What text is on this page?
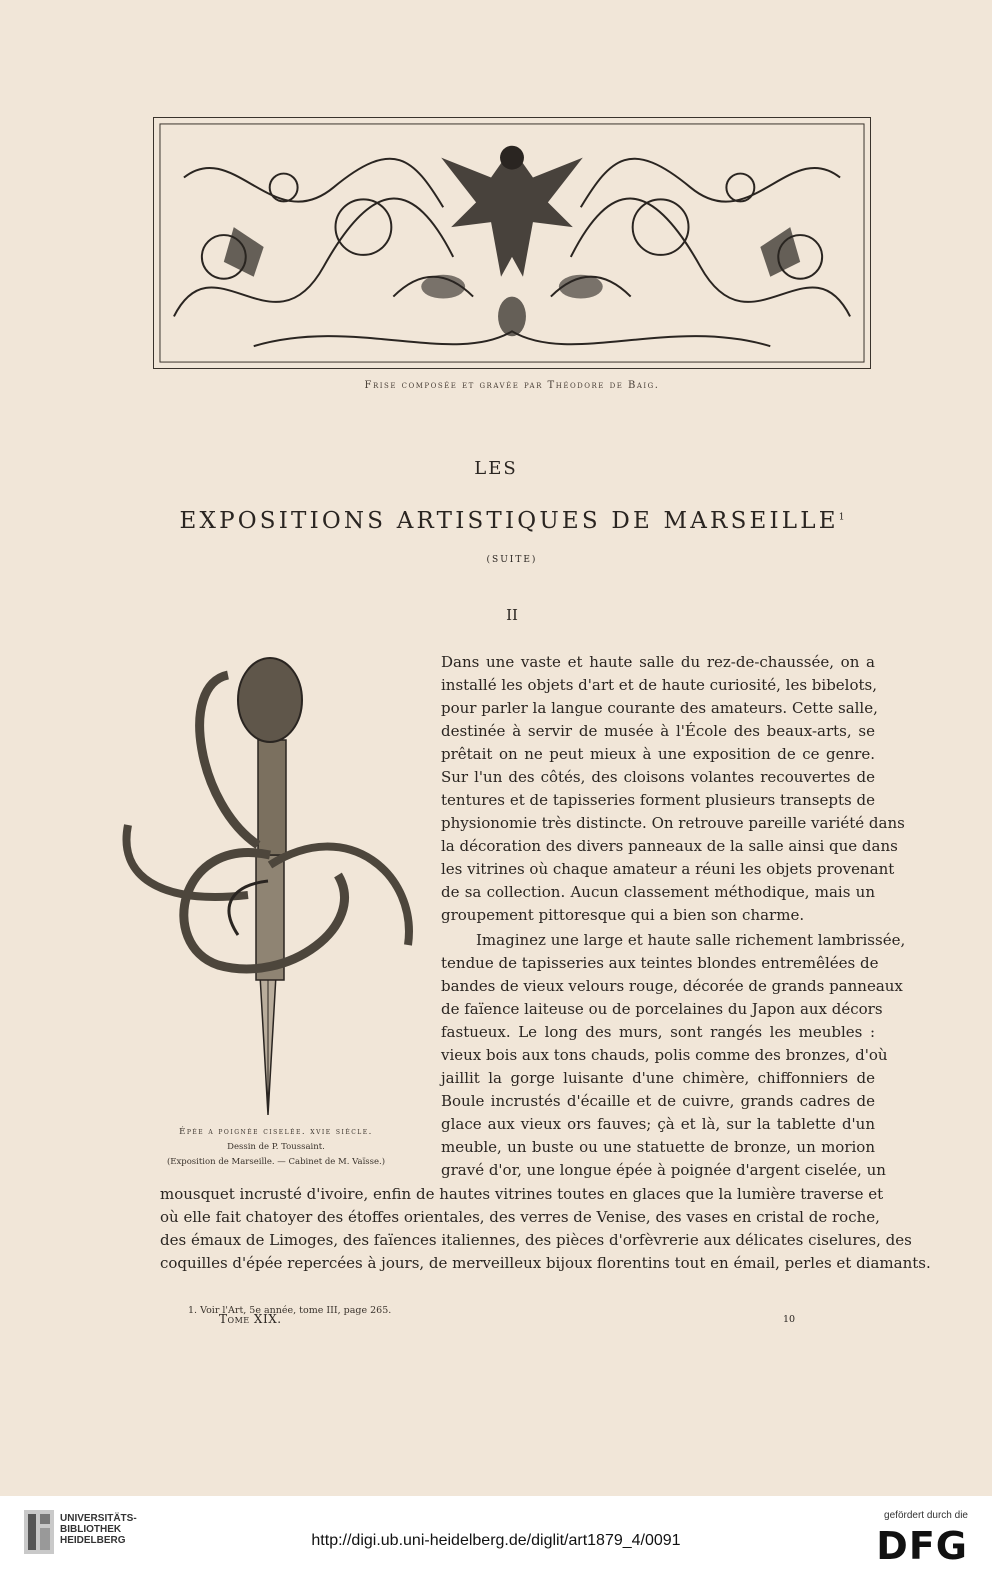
Frise composée et gravée par Théodore de Baig.
LES
EXPOSITIONS ARTISTIQUES DE MARSEILLE$^1$
(SUITE)
II
Épée a poignée ciselée. xvie siècle.
Dessin de P. Toussaint.
(Exposition de Marseille. — Cabinet de M. Vaïsse.)
Dans une vaste et haute salle du rez-de-chaussée, on a
installé les objets d'art et de haute curiosité, les bibelots,
pour parler la langue courante des amateurs. Cette salle,
destinée à servir de musée à l'École des beaux-arts, se
prêtait on ne peut mieux à une exposition de ce genre.
Sur l'un des côtés, des cloisons volantes recouvertes de
tentures et de tapisseries forment plusieurs transepts de
physionomie très distincte. On retrouve pareille variété dans
la décoration des divers panneaux de la salle ainsi que dans
les vitrines où chaque amateur a réuni les objets provenant
de sa collection. Aucun classement méthodique, mais un
groupement pittoresque qui a bien son charme.
Imaginez une large et haute salle richement lambrissée,
tendue de tapisseries aux teintes blondes entremêlées de
bandes de vieux velours rouge, décorée de grands panneaux
de faïence laiteuse ou de porcelaines du Japon aux décors
fastueux. Le long des murs, sont rangés les meubles :
vieux bois aux tons chauds, polis comme des bronzes, d'où
jaillit la gorge luisante d'une chimère, chiffonniers de
Boule incrustés d'écaille et de cuivre, grands cadres de
glace aux vieux ors fauves; çà et là, sur la tablette d'un
meuble, un buste ou une statuette de bronze, un morion
gravé d'or, une longue épée à poignée d'argent ciselée, un
mousquet incrusté d'ivoire, enfin de hautes vitrines toutes en glaces que la lumière traverse et
où elle fait chatoyer des étoffes orientales, des verres de Venise, des vases en cristal de roche,
des émaux de Limoges, des faïences italiennes, des pièces d'orfèvrerie aux délicates ciselures, des
coquilles d'épée repercées à jours, de merveilleux bijoux florentins tout en émail, perles et diamants.
1. Voir l'Art, 5e année, tome III, page 265.
Tome XIX.	10
UNIVERSITÄTS-
BIBLIOTHEK
HEIDELBERG	http://digi.ub.uni-heidelberg.de/diglit/art1879_4/0091
gefördert durch die
DFG
